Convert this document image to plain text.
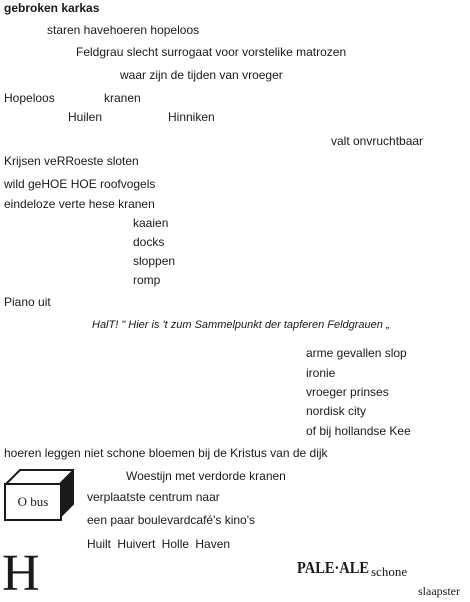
gebroken karkas
staren havehoeren hopeloos
Feldgrau slecht surrogaat voor vorstelike matrozen
waar zijn de tijden van vroeger
Hopeloos	kranen
Huilen	Hinniken
valt onvruchtbaar
Krijsen veRRoeste sloten
wild geHOE HOE roofvogels
eindeloze verte hese kranen
kaaien
docks
sloppen
romp
Piano uit
HalT! " Hier is 't zum Sammelpunkt der tapferen Feldgrauen „
arme gevallen slop
ironie
vroeger prinses
nordisk city
of bij hollandse Kee
hoeren leggen niet schone bloemen bij de Kristus van de dijk
Woestijn met verdorde kranen
O bus	verplaatste centrum naar
een paar boulevardcafé's kino's
Huilt Huivert Holle Haven
H	PALE·ALE schone
slaapster
